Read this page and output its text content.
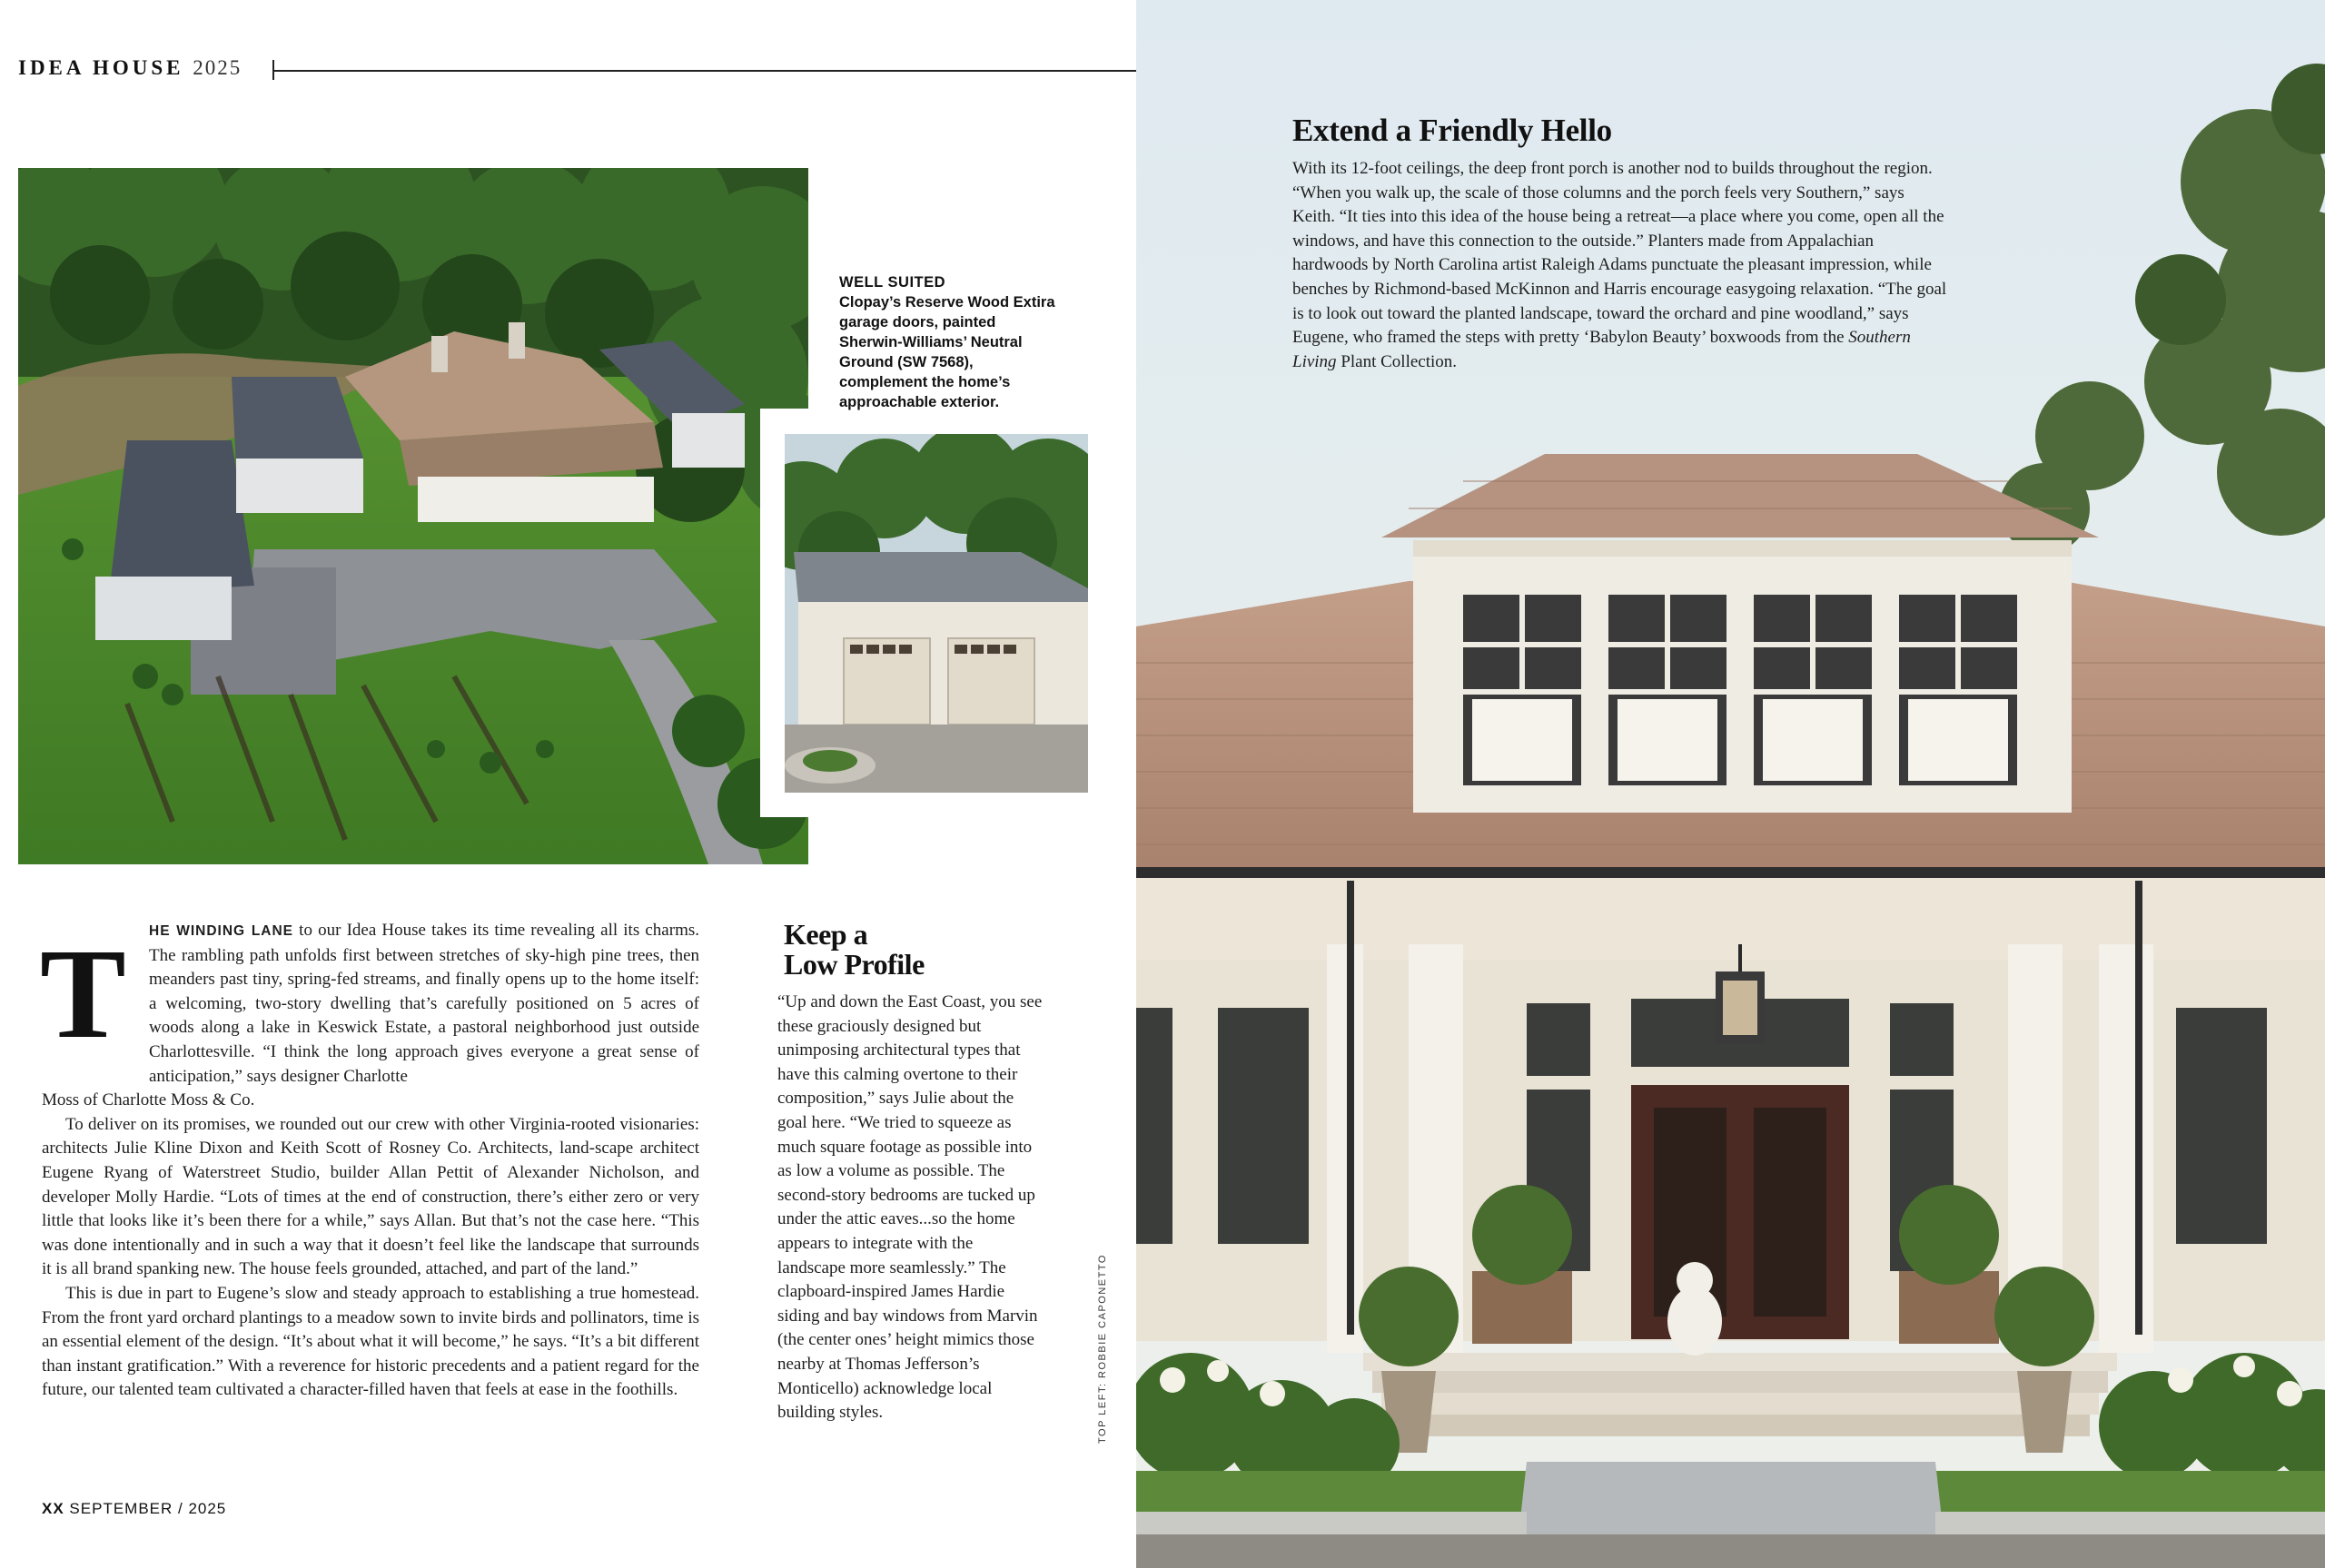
IDEA HOUSE 2025
WELL SUITED
Clopay’s Reserve Wood Extira garage doors, painted Sherwin-Williams’ Neutral Ground (SW 7568), complement the home’s approachable exterior.
T HE WINDING LANE to our Idea House takes its time revealing all its charms. The rambling path unfolds first between stretches of sky-high pine trees, then meanders past tiny, spring-fed streams, and finally opens up to the home itself: a welcoming, two-story dwelling that’s carefully positioned on 5 acres of woods along a lake in Keswick Estate, a pastoral neighborhood just outside Charlottesville. “I think the long approach gives everyone a great sense of anticipation,” says designer Charlotte

Moss of Charlotte Moss & Co.

To deliver on its promises, we rounded out our crew with other Virginia-rooted visionaries: architects Julie Kline Dixon and Keith Scott of Rosney Co. Architects, land-scape architect Eugene Ryang of Waterstreet Studio, builder Allan Pettit of Alexander Nicholson, and developer Molly Hardie. “Lots of times at the end of construction, there’s either zero or very little that looks like it’s been there for a while,” says Allan. But that’s not the case here. “This was done intentionally and in such a way that it doesn’t feel like the landscape that surrounds it is all brand spanking new. The house feels grounded, attached, and part of the land.”

This is due in part to Eugene’s slow and steady approach to establishing a true homestead. From the front yard orchard plantings to a meadow sown to invite birds and pollinators, time is an essential element of the design. “It’s about what it will become,” he says. “It’s a bit different than instant gratification.” With a reverence for historic precedents and a patient regard for the future, our talented team cultivated a character-filled haven that feels at ease in the foothills.

Keep a
Low Profile

“Up and down the East Coast, you see these graciously designed but unimposing architectural types that have this calming overtone to their composition,” says Julie about the goal here. “We tried to squeeze as much square footage as possible into as low a volume as possible. The second-story bedrooms are tucked up under the attic eaves...so the home appears to integrate with the landscape more seamlessly.” The clapboard-inspired James Hardie siding and bay windows from Marvin (the center ones’ height mimics those nearby at Thomas Jefferson’s Monticello) acknowledge local building styles.	TOP LEFT: ROBBIE CAPONETTO
XX SEPTEMBER / 2025
Extend a Friendly Hello

With its 12-foot ceilings, the deep front porch is another nod to builds throughout the region. “When you walk up, the scale of those columns and the porch feels very Southern,” says Keith. “It ties into this idea of the house being a retreat—a place where you come, open all the windows, and have this connection to the outside.” Planters made from Appalachian hardwoods by North Carolina artist Raleigh Adams punctuate the pleasant impression, while benches by Richmond-based McKinnon and Harris encourage easygoing relaxation. “The goal is to look out toward the planted landscape, toward the orchard and pine woodland,” says Eugene, who framed the steps with pretty ‘Babylon Beauty’ boxwoods from the Southern Living Plant Collection.
